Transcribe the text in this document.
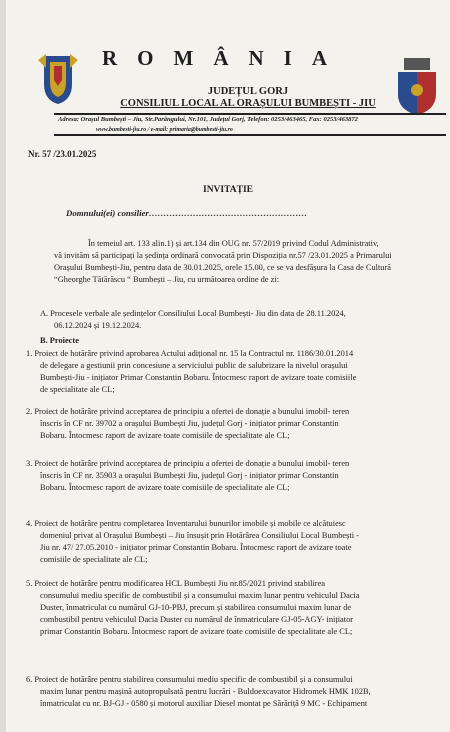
ROMÂNIA
JUDEȚUL GORJ
CONSILIUL LOCAL AL ORAȘULUI BUMBEȘTI - JIU
Adresa: Orașul Bumbești – Jiu, Str.Parângului, Nr.101, Județul Gorj, Telefon: 0253/463465, Fax: 0253/463872
www.bumbesti-jiu.ro / e-mail: primaria@bumbesti-jiu.ro
Nr. 57 /23.01.2025
INVITAȚIE
Domnului(ei) consilier………………………………………………
În temeiul art. 133 alin.1) și art.134 din OUG nr. 57/2019 privind Codul Administrativ,
vă invităm să participați la ședința ordinară convocată prin Dispoziția nr.57 /23.01.2025 a Primarului
Orașului Bumbești-Jiu, pentru data de 30.01.2025, orele 15.00, ce se va desfășura la Casa de Cultură
“Gheorghe Tătărăscu “ Bumbești – Jiu, cu următoarea ordine de zi:
A. Procesele verbale ale ședințelor Consiliului Local Bumbești- Jiu din data de 28.11.2024,
06.12.2024 și 19.12.2024.
B. Proiecte
1. Proiect de hotărâre privind aprobarea Actului adițional nr. 15 la Contractul nr. 1186/30.01.2014
de delegare a gestiunii prin concesiune a serviciului public de salubrizare la nivelul orașului
Bumbești-Jiu - inițiator Primar Constantin Bobaru. Întocmesc raport de avizare toate comisiile
de specialitate ale CL;
2. Proiect de hotărâre privind acceptarea de principiu a ofertei de donație a bunului imobil- teren
înscris în CF nr. 39702 a orașului Bumbești Jiu, județul Gorj - inițiator primar Constantin
Bobaru. Întocmesc raport de avizare toate comisiile de specialitate ale CL;
3. Proiect de hotărâre privind acceptarea de principiu a ofertei de donație a bunului imobil- teren
înscris în CF nr. 35903 a orașului Bumbești Jiu, județul Gorj - inițiator primar Constantin
Bobaru. Întocmesc raport de avizare toate comisiile de specialitate ale CL;
4. Proiect de hotărâre pentru completarea Inventarului bunurilor imobile și mobile ce alcătuiesc
domeniul privat al Orașului Bumbești – Jiu însușit prin Hotărârea Consiliului Local Bumbești -
Jiu nr. 47/ 27.05.2010 - inițiator primar Constantin Bobaru. Întocmesc raport de avizare toate
comisiile de specialitate ale CL;
5. Proiect de hotărâre pentru modificarea HCL Bumbești Jiu nr.85/2021 privind stabilirea
consumului mediu specific de combustibil și a consumului maxim lunar pentru vehiculul Dacia
Duster, înmatriculat cu numărul GJ-10-PBJ, precum și stabilirea consumului maxim lunar de
combustibil pentru vehiculul Dacia Duster cu numărul de înmatriculare GJ-05-AGY- inițiator
primar Constantin Bobaru. Întocmesc raport de avizare toate comisiile de specialitate ale CL;
6. Proiect de hotărâre pentru stabilirea consumului mediu specific de combustibil și a consumului
maxim lunar pentru mașină autopropulsată pentru lucrări - Buldoexcavator Hidromek HMK 102B,
înmatriculat cu nr. BJ-GJ - 0580 și motorul auxiliar Diesel montat pe Sărăriță 9 MC - Echipament
